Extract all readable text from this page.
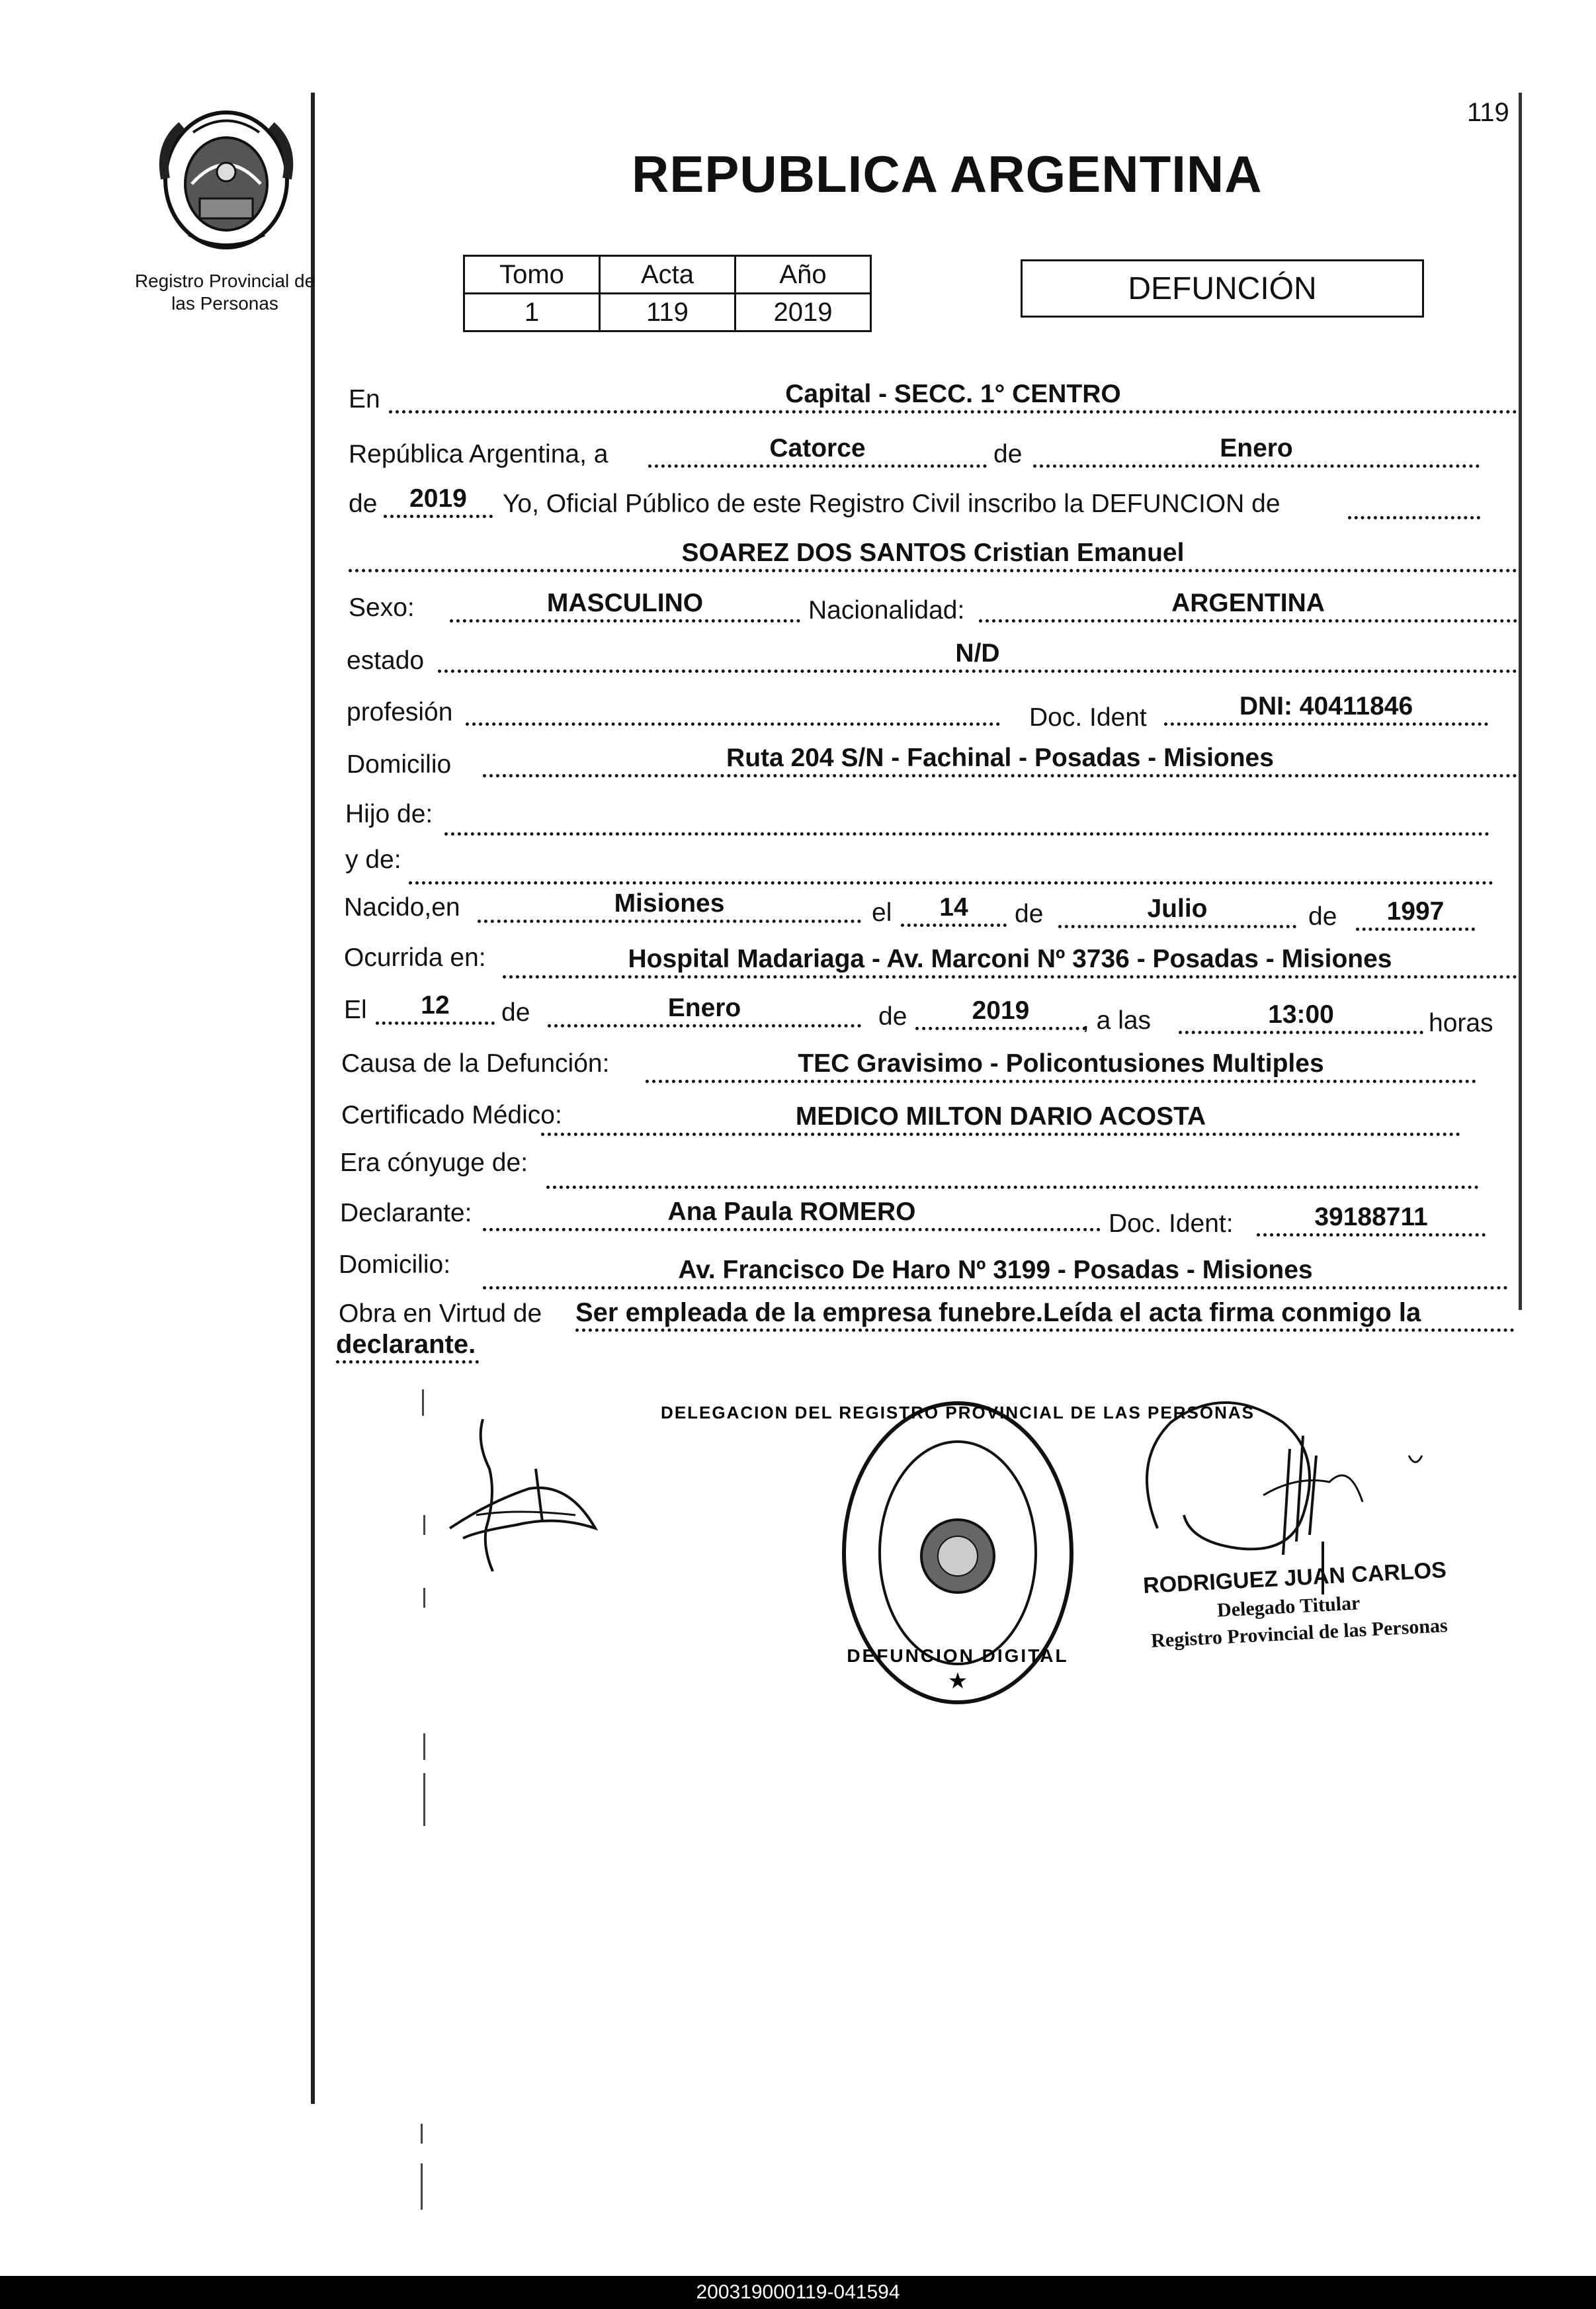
119
Registro Provincial de
las Personas
REPUBLICA ARGENTINA
Tomo	Acta	Año
1	119	2019
DEFUNCIÓN
En	Capital - SECC. 1° CENTRO
República Argentina, a	Catorce	de	Enero
de	2019	Yo, Oficial Público de este Registro Civil inscribo la DEFUNCION de
SOAREZ DOS SANTOS Cristian Emanuel
Sexo:	MASCULINO	Nacionalidad:	ARGENTINA
estado	N/D
profesión	Doc. Ident	DNI: 40411846
Domicilio	Ruta 204 S/N - Fachinal - Posadas - Misiones
Hijo de:
y de:
Nacido,en	Misiones	el	14	de	Julio	de	1997
Ocurrida en:	Hospital Madariaga - Av. Marconi Nº 3736 - Posadas - Misiones
El	12	de	Enero	de	2019	, a las	13:00	horas
Causa de la Defunción:	TEC Gravisimo - Policontusiones Multiples
Certificado Médico:	MEDICO MILTON DARIO ACOSTA
Era cónyuge de:
Declarante:	Ana Paula ROMERO	Doc. Ident:	39188711
Domicilio:	Av. Francisco De Haro Nº 3199 - Posadas - Misiones
Obra en Virtud de Ser empleada de la empresa funebre.Leída el acta firma conmigo la
declarante.
DELEGACION DEL REGISTRO PROVINCIAL DE LAS PERSONAS
DEFUNCION DIGITAL
★
RODRIGUEZ JUAN CARLOS
Delegado Titular
Registro Provincial de las Personas
200319000119-041594
